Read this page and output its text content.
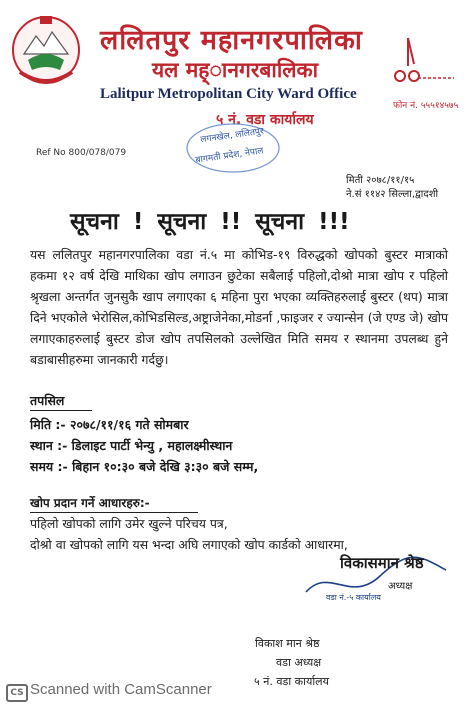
ललितपुर महानगरपालिका
यल मह्ानगरबालिका
Lalitpur Metropolitan City Ward Office
५ नं. वडा कार्यालय
फोन नं. ५५५१४५७५
Ref No 800/078/079
लगनखेल, ललितपुर
बागमती प्रदेश, नेपाल
मिती २०७८/११/१५
ने.सं ११४२ सिल्ला,द्वादशी
सूचना ! सूचना !! सूचना !!!
यस ललितपुर महानगरपालिका वडा नं.५ मा कोभिड-१९ विरुद्धको खोपको बुस्टर मात्राको हकमा १२ वर्ष देखि माथिका खोप लगाउन छुटेका सबैलाई पहिलो,दोश्रो मात्रा खोप र पहिलो श्रृखला अन्तर्गत जुनसुकै खाप लगाएका ६ महिना पुरा भएका व्यक्तिहरुलाई बुस्टर (थप) मात्रा दिने भएकोले भेरोसिल,कोभिडसिल्ड,अष्ट्राजेनेका,मोडर्ना ,फाइजर र ज्यान्सेन (जे एण्ड जे) खोप लगाएकाहरुलाई बुस्टर डोज खोप तपसिलको उल्लेखित मिति समय र स्थानमा उपलब्ध हुने बडाबासीहरुमा जानकारी गर्दछु।
तपसिल
मिति :- २०७८/११/१६ गते सोमबार
स्थान :- डिलाइट पार्टी भेन्यु , महालक्ष्मीस्थान
समय :- बिहान १०:३० बजे देखि ३:३० बजे सम्म,
खोप प्रदान गर्ने आधारहरु:-
पहिलो खोपको लागि उमेर खुल्ने परिचय पत्र,
दोश्रो वा खोपको लागि यस भन्दा अघि लगाएको खोप कार्डको आधारमा,
विकासमान श्रेष्ठ
अध्यक्ष
वडा नं.-५ कार्यालय
विकाश मान श्रेष्ठ
वडा अध्यक्ष
५ नं. वडा कार्यालय
CS Scanned with CamScanner
